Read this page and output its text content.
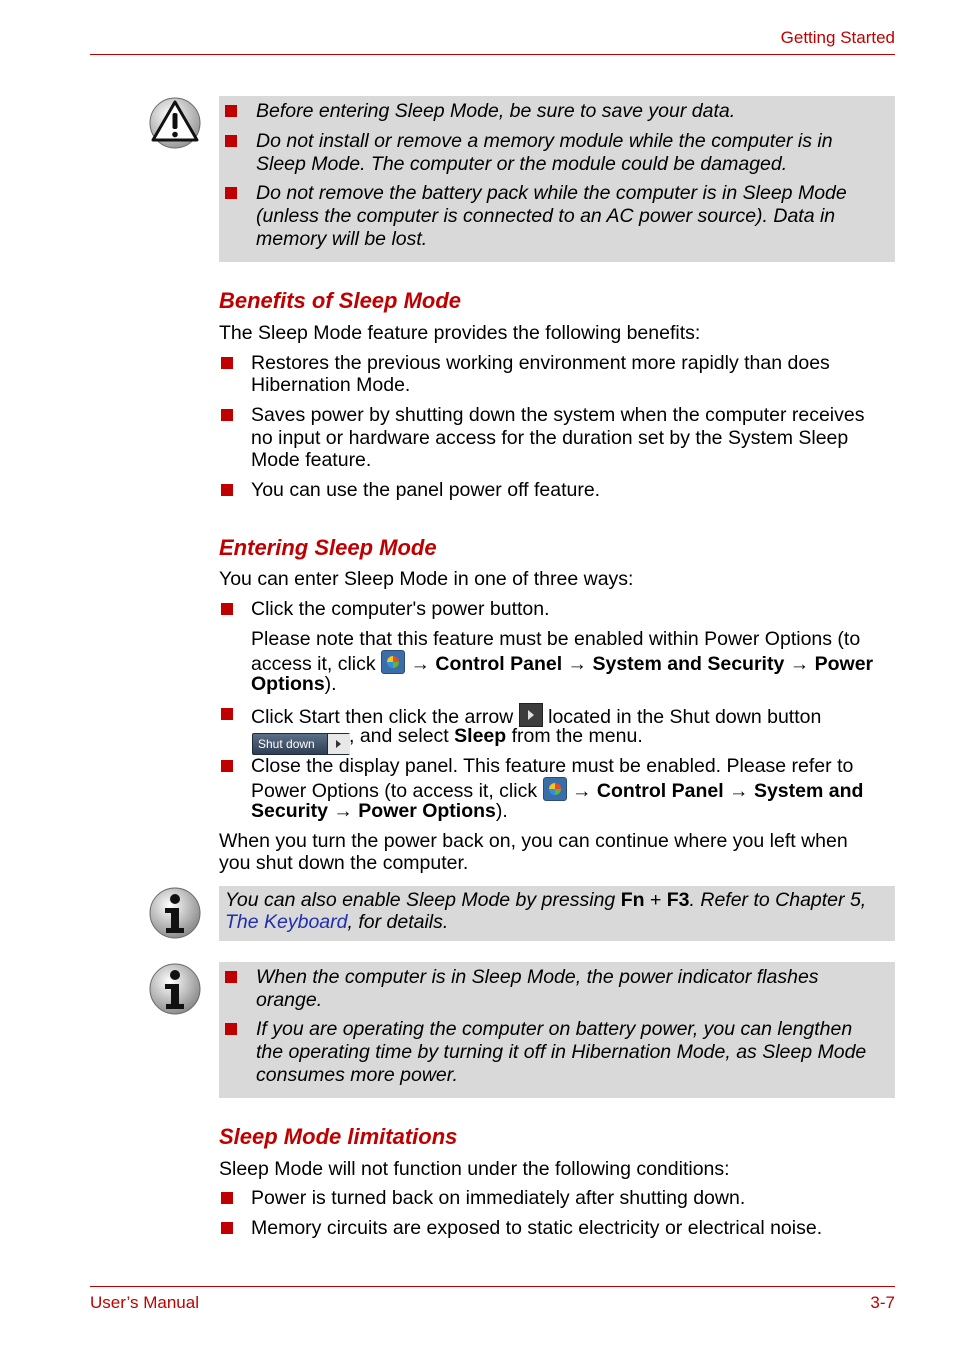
Getting Started
Before entering Sleep Mode, be sure to save your data.
Do not install or remove a memory module while the computer is in
Sleep Mode. The computer or the module could be damaged.
Do not remove the battery pack while the computer is in Sleep Mode
(unless the computer is connected to an AC power source). Data in
memory will be lost.
Benefits of Sleep Mode
The Sleep Mode feature provides the following benefits:
Restores the previous working environment more rapidly than does
Hibernation Mode.
Saves power by shutting down the system when the computer receives
no input or hardware access for the duration set by the System Sleep
Mode feature.
You can use the panel power off feature.
Entering Sleep Mode
You can enter Sleep Mode in one of three ways:
Click the computer's power button.
Please note that this feature must be enabled within Power Options (to
access it, click → Control Panel → System and Security → Power
Options).
Click Start then click the arrow located in the Shut down button
Shut down , and select Sleep from the menu.
Close the display panel. This feature must be enabled. Please refer to
Power Options (to access it, click → Control Panel → System and
Security → Power Options).
When you turn the power back on, you can continue where you left when
you shut down the computer.
You can also enable Sleep Mode by pressing Fn + F3. Refer to Chapter 5,
The Keyboard, for details.
When the computer is in Sleep Mode, the power indicator flashes
orange.
If you are operating the computer on battery power, you can lengthen
the operating time by turning it off in Hibernation Mode, as Sleep Mode
consumes more power.
Sleep Mode limitations
Sleep Mode will not function under the following conditions:
Power is turned back on immediately after shutting down.
Memory circuits are exposed to static electricity or electrical noise.
User’s Manual	3-7
